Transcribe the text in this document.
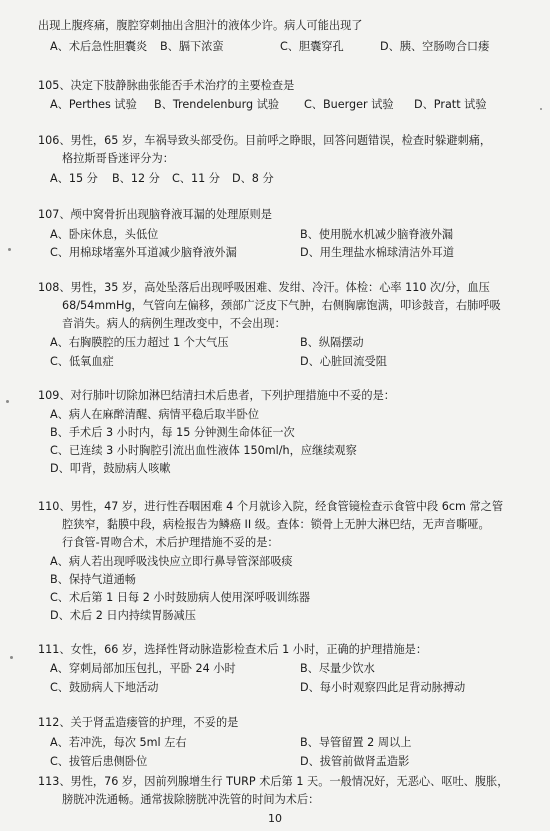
出现上腹疼痛，腹腔穿刺抽出含胆汁的液体少许。病人可能出现了
A、术后急性胆囊炎	B、膈下浓蛮	C、胆囊穿孔	D、胰、空肠吻合口瘘
105、决定下肢静脉曲张能否手术治疗的主要检查是
A、Perthes 试验	B、Trendelenburg 试验	C、Buerger 试验	D、Pratt 试验
106、男性，65 岁，车祸导致头部受伤。目前呼之睁眼，回答问题错误，检查时躲避刺痛，
格拉斯哥昏迷评分为：
A、15 分	B、12 分	C、11 分	D、8 分
107、颅中窝骨折出现脑脊液耳漏的处理原则是
A、卧床休息，头低位	B、使用脱水机减少脑脊液外漏
C、用棉球堵塞外耳道减少脑脊液外漏	D、用生理盐水棉球清洁外耳道
108、男性，35 岁，高处坠落后出现呼吸困难、发绀、冷汗。体检：心率 110 次/分，血压
68/54mmHg，气管向左偏移，颈部广泛皮下气肿，右侧胸廓饱满，叩诊鼓音，右肺呼吸
音消失。病人的病例生理改变中，不会出现：
A、右胸膜腔的压力超过 1 个大气压	B、纵隔摆动
C、低氧血症	D、心脏回流受阻
109、对行肺叶切除加淋巴结清扫术后患者，下列护理措施中不妥的是：
A、病人在麻醉清醒、病情平稳后取半卧位
B、手术后 3 小时内，每 15 分钟测生命体征一次
C、已连续 3 小时胸腔引流出血性液体 150ml/h，应继续观察
D、叩背，鼓励病人咳嗽
110、男性，47 岁，进行性吞咽困难 4 个月就诊入院，经食管镜检查示食管中段 6cm 常之管
腔狭窄，黏膜中段，病检报告为鳞癌 II 级。查体：锁骨上无肿大淋巴结，无声音嘶哑。
行食管-胃吻合术，术后护理措施不妥的是：
A、病人若出现呼吸浅快应立即行鼻导管深部吸痰
B、保持气道通畅
C、术后第 1 日每 2 小时鼓励病人使用深呼吸训练器
D、术后 2 日内持续胃肠减压
111、女性，66 岁，选择性肾动脉造影检查术后 1 小时，正确的护理措施是：
A、穿刺局部加压包扎，平卧 24 小时	B、尽量少饮水
C、鼓励病人下地活动	D、每小时观察四此足背动脉搏动
112、关于肾盂造瘘管的护理，不妥的是
A、若冲洗，每次 5ml 左右	B、导管留置 2 周以上
C、拔管后患侧卧位	D、拔管前做肾盂造影
113、男性，76 岁，因前列腺增生行 TURP 术后第 1 天。一般情况好，无恶心、呕吐、腹胀，
膀胱冲洗通畅。通常拔除膀胱冲洗管的时间为术后：
10
